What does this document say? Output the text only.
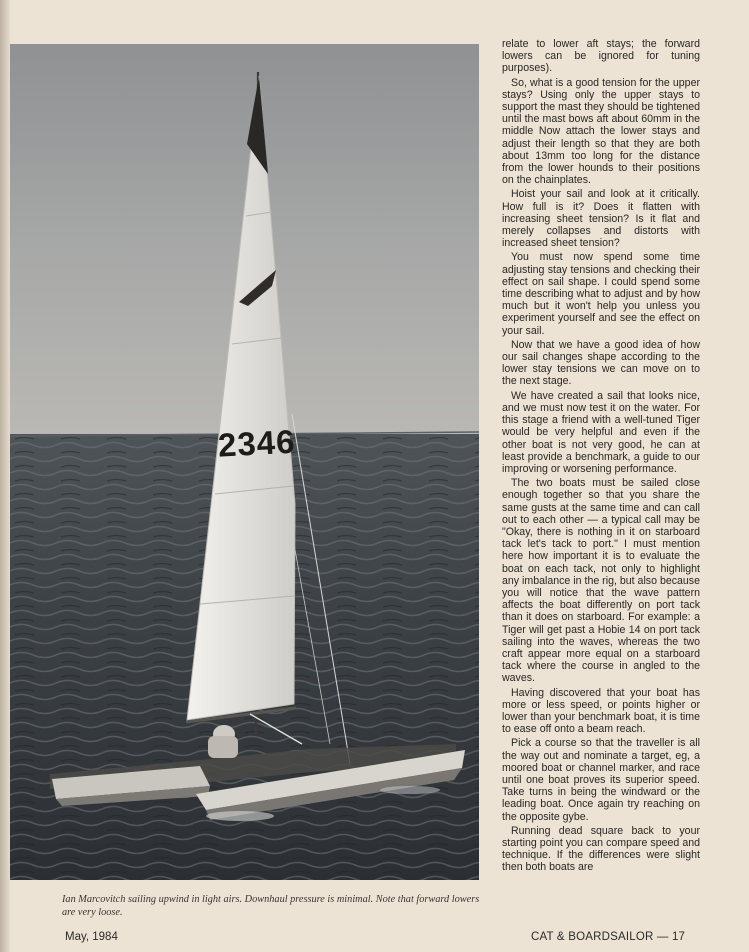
2346
Ian Marcovitch sailing upwind in light airs. Downhaul pressure is minimal. Note that forward lowers are very loose.

relate to lower aft stays; the forward lowers can be ignored for tuning purposes).

So, what is a good tension for the upper stays? Using only the upper stays to support the mast they should be tightened until the mast bows aft about 60mm in the middle Now attach the lower stays and adjust their length so that they are both about 13mm too long for the distance from the lower hounds to their positions on the chainplates.

Hoist your sail and look at it critically. How full is it? Does it flatten with increasing sheet tension? Is it flat and merely collapses and distorts with increased sheet tension?

You must now spend some time adjusting stay tensions and checking their effect on sail shape. I could spend some time describing what to adjust and by how much but it won't help you unless you experiment yourself and see the effect on your sail.

Now that we have a good idea of how our sail changes shape according to the lower stay tensions we can move on to the next stage.

We have created a sail that looks nice, and we must now test it on the water. For this stage a friend with a well-tuned Tiger would be very helpful and even if the other boat is not very good, he can at least provide a benchmark, a guide to our improving or worsening performance.

The two boats must be sailed close enough together so that you share the same gusts at the same time and can call out to each other — a typical call may be "Okay, there is nothing in it on starboard tack let's tack to port." I must mention here how important it is to evaluate the boat on each tack, not only to highlight any imbalance in the rig, but also because you will notice that the wave pattern affects the boat differently on port tack than it does on starboard. For example: a Tiger will get past a Hobie 14 on port tack sailing into the waves, whereas the two craft appear more equal on a starboard tack where the course in angled to the waves.

Having discovered that your boat has more or less speed, or points higher or lower than your benchmark boat, it is time to ease off onto a beam reach.

Pick a course so that the traveller is all the way out and nominate a target, eg, a moored boat or channel marker, and race until one boat proves its superior speed. Take turns in being the windward or the leading boat. Once again try reaching on the opposite gybe.

Running dead square back to your starting point you can compare speed and technique. If the differences were slight then both boats are

May, 1984	CAT & BOARDSAILOR — 17
